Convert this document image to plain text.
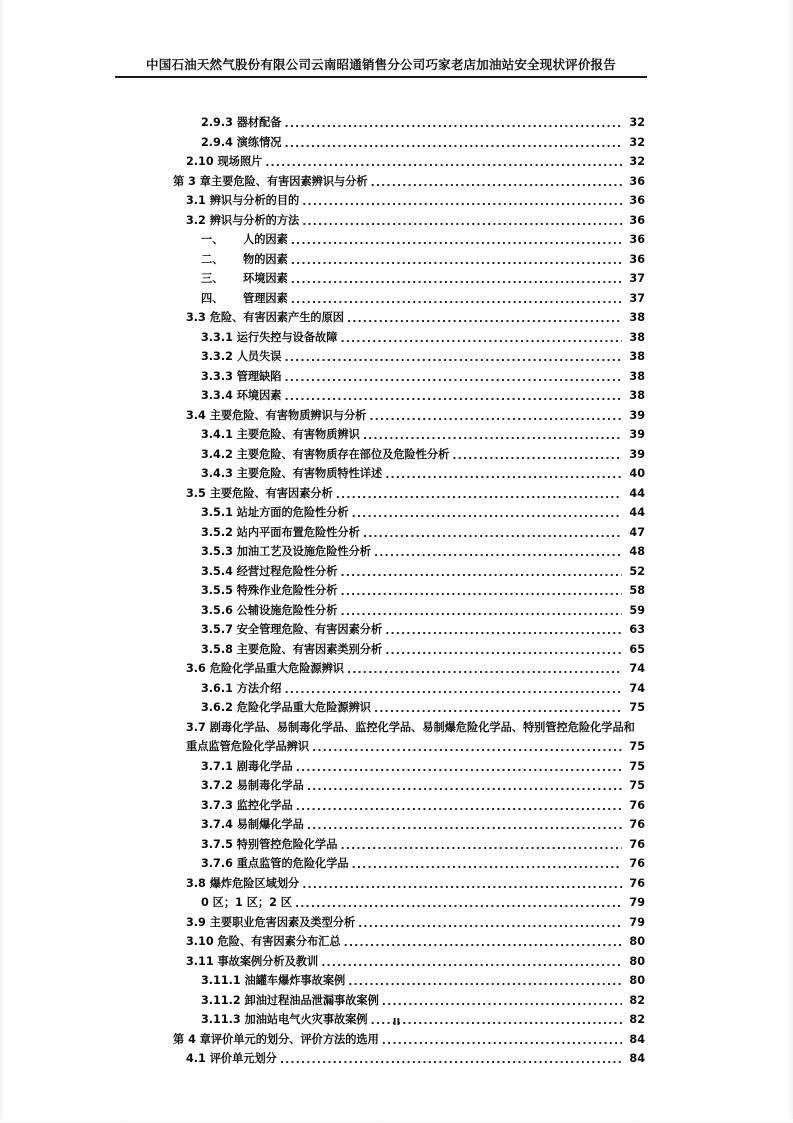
中国石油天然气股份有限公司云南昭通销售分公司巧家老店加油站安全现状评价报告
2.9.3 器材配备 .....	32
2.9.4 演练情况 .....	32
2.10 现场照片 .....	32
第 3 章主要危险、有害因素辨识与分析 .....	36
3.1 辨识与分析的目的 .....	36
3.2 辨识与分析的方法 .....	36
一、	人的因素 .....	36
二、	物的因素 .....	36
三、	环境因素 .....	37
四、	管理因素 .....	37
3.3 危险、有害因素产生的原因 .....	38
3.3.1 运行失控与设备故障 .....	38
3.3.2 人员失误 .....	38
3.3.3 管理缺陷 .....	38
3.3.4 环境因素 .....	38
3.4 主要危险、有害物质辨识与分析 .....	39
3.4.1 主要危险、有害物质辨识 .....	39
3.4.2 主要危险、有害物质存在部位及危险性分析 .....	39
3.4.3 主要危险、有害物质特性详述 .....	40
3.5 主要危险、有害因素分析 .....	44
3.5.1 站址方面的危险性分析 .....	44
3.5.2 站内平面布置危险性分析 .....	47
3.5.3 加油工艺及设施危险性分析 .....	48
3.5.4 经营过程危险性分析 .....	52
3.5.5 特殊作业危险性分析 .....	58
3.5.6 公辅设施危险性分析 .....	59
3.5.7 安全管理危险、有害因素分析 .....	63
3.5.8 主要危险、有害因素类别分析 .....	65
3.6 危险化学品重大危险源辨识 .....	74
3.6.1 方法介绍 .....	74
3.6.2 危险化学品重大危险源辨识 .....	75
3.7 剧毒化学品、易制毒化学品、监控化学品、易制爆危险化学品、特别管控危险化学品和
重点监管危险化学品辨识 .....	75
3.7.1 剧毒化学品 .....	75
3.7.2 易制毒化学品 .....	75
3.7.3 监控化学品 .....	76
3.7.4 易制爆化学品 .....	76
3.7.5 特别管控危险化学品 .....	76
3.7.6 重点监管的危险化学品 .....	76
3.8 爆炸危险区域划分 .....	76
0 区；1 区；2 区 .....	79
3.9 主要职业危害因素及类型分析 .....	79
3.10 危险、有害因素分布汇总 .....	80
3.11 事故案例分析及教训 .....	80
3.11.1 油罐车爆炸事故案例 .....	80
3.11.2 卸油过程油品泄漏事故案例 .....	82
3.11.3 加油站电气火灾事故案例 .....	82
第 4 章评价单元的划分、评价方法的选用 .....	84
4.1 评价单元划分 .....	84
II
